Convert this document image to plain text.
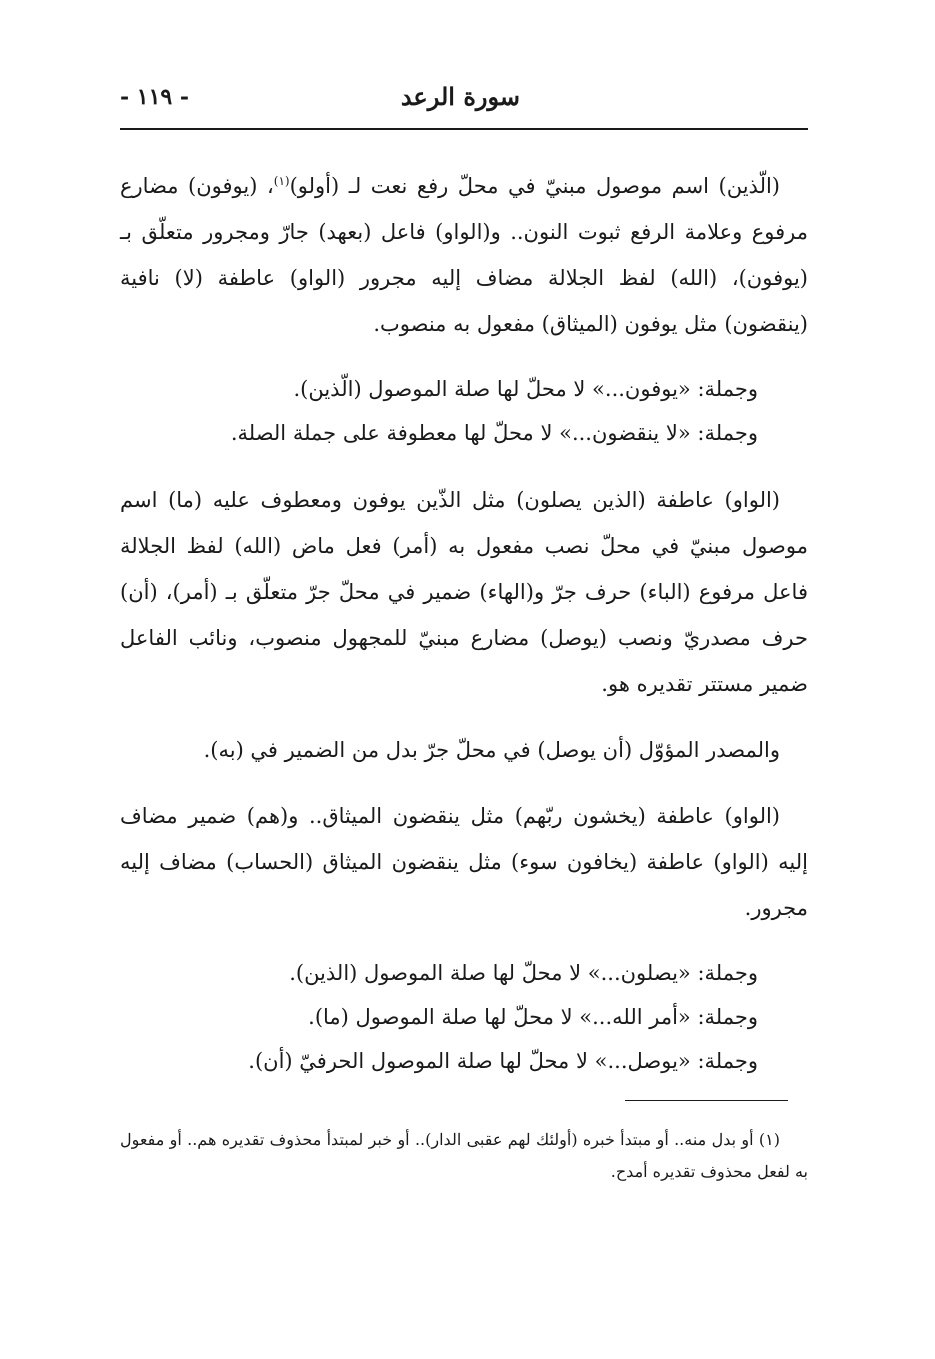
سورة الرعد
- ١١٩ -

(الّذين) اسم موصول مبنيّ في محلّ رفع نعت لـ (أولو)$^{(١)}$، (يوفون) مضارع مرفوع وعلامة الرفع ثبوت النون.. و(الواو) فاعل (بعهد) جارّ ومجرور متعلّق بـ (يوفون)، (الله) لفظ الجلالة مضاف إليه مجرور (الواو) عاطفة (لا) نافية (ينقضون) مثل يوفون (الميثاق) مفعول به منصوب.

وجملة: «يوفون...» لا محلّ لها صلة الموصول (الّذين).
وجملة: «لا ينقضون...» لا محلّ لها معطوفة على جملة الصلة.

(الواو) عاطفة (الذين يصلون) مثل الذّين يوفون ومعطوف عليه (ما) اسم موصول مبنيّ في محلّ نصب مفعول به (أمر) فعل ماض (الله) لفظ الجلالة فاعل مرفوع (الباء) حرف جرّ و(الهاء) ضمير في محلّ جرّ متعلّق بـ (أمر)، (أن) حرف مصدريّ ونصب (يوصل) مضارع مبنيّ للمجهول منصوب، ونائب الفاعل ضمير مستتر تقديره هو.

والمصدر المؤوّل (أن يوصل) في محلّ جرّ بدل من الضمير في (به).

(الواو) عاطفة (يخشون ربّهم) مثل ينقضون الميثاق.. و(هم) ضمير مضاف إليه (الواو) عاطفة (يخافون سوء) مثل ينقضون الميثاق (الحساب) مضاف إليه مجرور.

وجملة: «يصلون...» لا محلّ لها صلة الموصول (الذين).
وجملة: «أمر الله...» لا محلّ لها صلة الموصول (ما).
وجملة: «يوصل...» لا محلّ لها صلة الموصول الحرفيّ (أن).

(١) أو بدل منه.. أو مبتدأ خبره (أولئك لهم عقبى الدار).. أو خبر لمبتدأ محذوف تقديره هم.. أو مفعول به لفعل محذوف تقديره أمدح.
